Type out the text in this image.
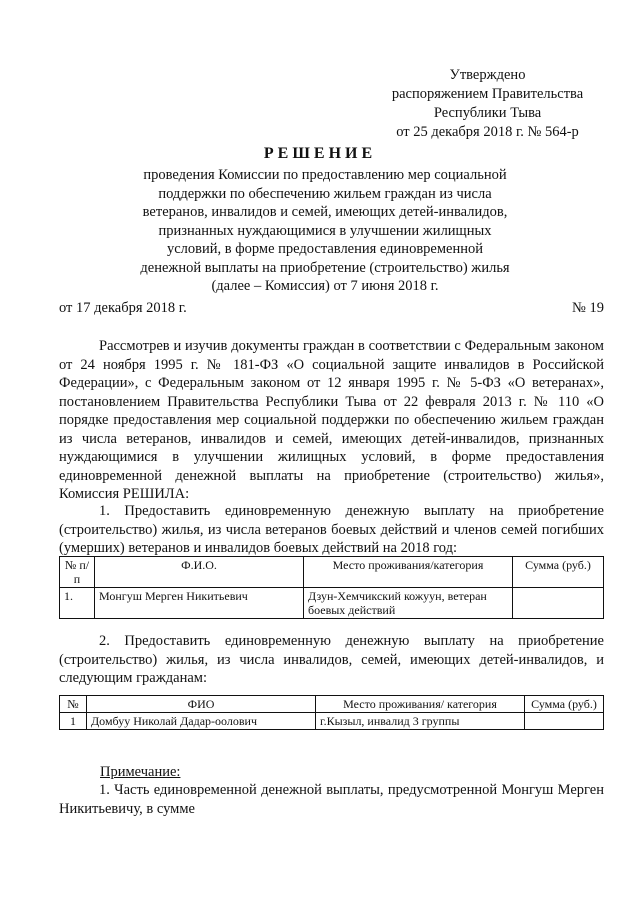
Утверждено
распоряжением Правительства
Республики Тыва
от 25 декабря 2018 г. № 564-р
РЕШЕНИЕ
проведения Комиссии по предоставлению мер социальной поддержки по обеспечению жильем граждан из числа ветеранов, инвалидов и семей, имеющих детей-инвалидов, признанных нуждающимися в улучшении жилищных условий, в форме предоставления единовременной денежной выплаты на приобретение (строительство) жилья (далее – Комиссия) от 7 июня 2018 г.
от 17 декабря 2018 г.	№ 19
Рассмотрев и изучив документы граждан в соответствии с Федеральным законом от 24 ноября 1995 г. № 181-ФЗ «О социальной защите инвалидов в Российской Федерации», с Федеральным законом от 12 января 1995 г. № 5-ФЗ «О ветеранах», постановлением Правительства Республики Тыва от 22 февраля 2013 г. № 110 «О порядке предоставления мер социальной поддержки по обеспечению жильем граждан из числа ветеранов, инвалидов и семей, имеющих детей-инвалидов, признанных нуждающимися в улучшении жилищных условий, в форме предоставления единовременной денежной выплаты на приобретение (строительство) жилья», Комиссия РЕШИЛА:
1. Предоставить единовременную денежную выплату на приобретение (строительство) жилья, из числа ветеранов боевых действий и членов семей погибших (умерших) ветеранов и инвалидов боевых действий на 2018 год:
№ п/п	Ф.И.О.	Место проживания/категория	Сумма (руб.)
1.	Монгуш Мерген Никитьевич	Дзун-Хемчикский кожуун, ветеран боевых действий	
2. Предоставить единовременную денежную выплату на приобретение (строительство) жилья, из числа инвалидов, семей, имеющих детей-инвалидов, и следующим гражданам:
№	ФИО	Место проживания/ категория	Сумма (руб.)
1	Домбуу Николай Дадар-оолович	г.Кызыл, инвалид 3 группы	
Примечание:
1. Часть единовременной денежной выплаты, предусмотренной Монгуш Мерген Никитьевичу, в сумме
